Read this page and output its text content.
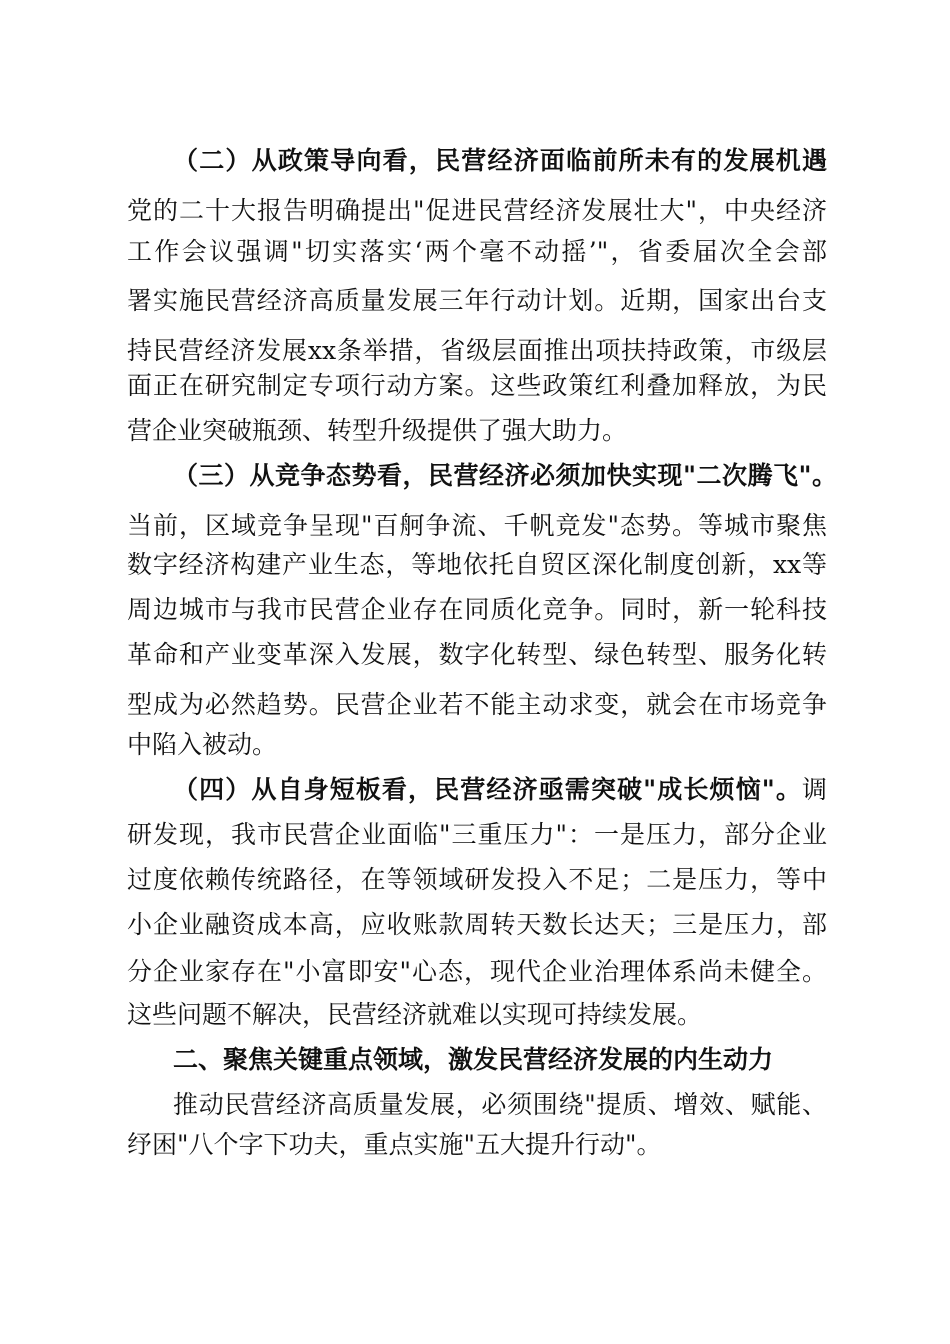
（二）从政策导向看，民营经济面临前所未有的发展机遇
党的二十大报告明确提出"促进民营经济发展壮大"，中央经济
工作会议强调"切实落实‘两个毫不动摇’"，省委届次全会部
署实施民营经济高质量发展三年行动计划。近期，国家出台支
持民营经济发展xx条举措，省级层面推出项扶持政策，市级层
面正在研究制定专项行动方案。这些政策红利叠加释放，为民
营企业突破瓶颈、转型升级提供了强大助力。
（三）从竞争态势看，民营经济必须加快实现"二次腾飞"。
当前，区域竞争呈现"百舸争流、千帆竞发"态势。等城市聚焦
数字经济构建产业生态，等地依托自贸区深化制度创新，xx等
周边城市与我市民营企业存在同质化竞争。同时，新一轮科技
革命和产业变革深入发展，数字化转型、绿色转型、服务化转
型成为必然趋势。民营企业若不能主动求变，就会在市场竞争
中陷入被动。
（四）从自身短板看，民营经济亟需突破"成长烦恼"。调
研发现，我市民营企业面临"三重压力"：一是压力，部分企业
过度依赖传统路径，在等领域研发投入不足；二是压力，等中
小企业融资成本高，应收账款周转天数长达天；三是压力，部
分企业家存在"小富即安"心态，现代企业治理体系尚未健全。
这些问题不解决，民营经济就难以实现可持续发展。
二、聚焦关键重点领域，激发民营经济发展的内生动力
推动民营经济高质量发展，必须围绕"提质、增效、赋能、
纾困"八个字下功夫，重点实施"五大提升行动"。
